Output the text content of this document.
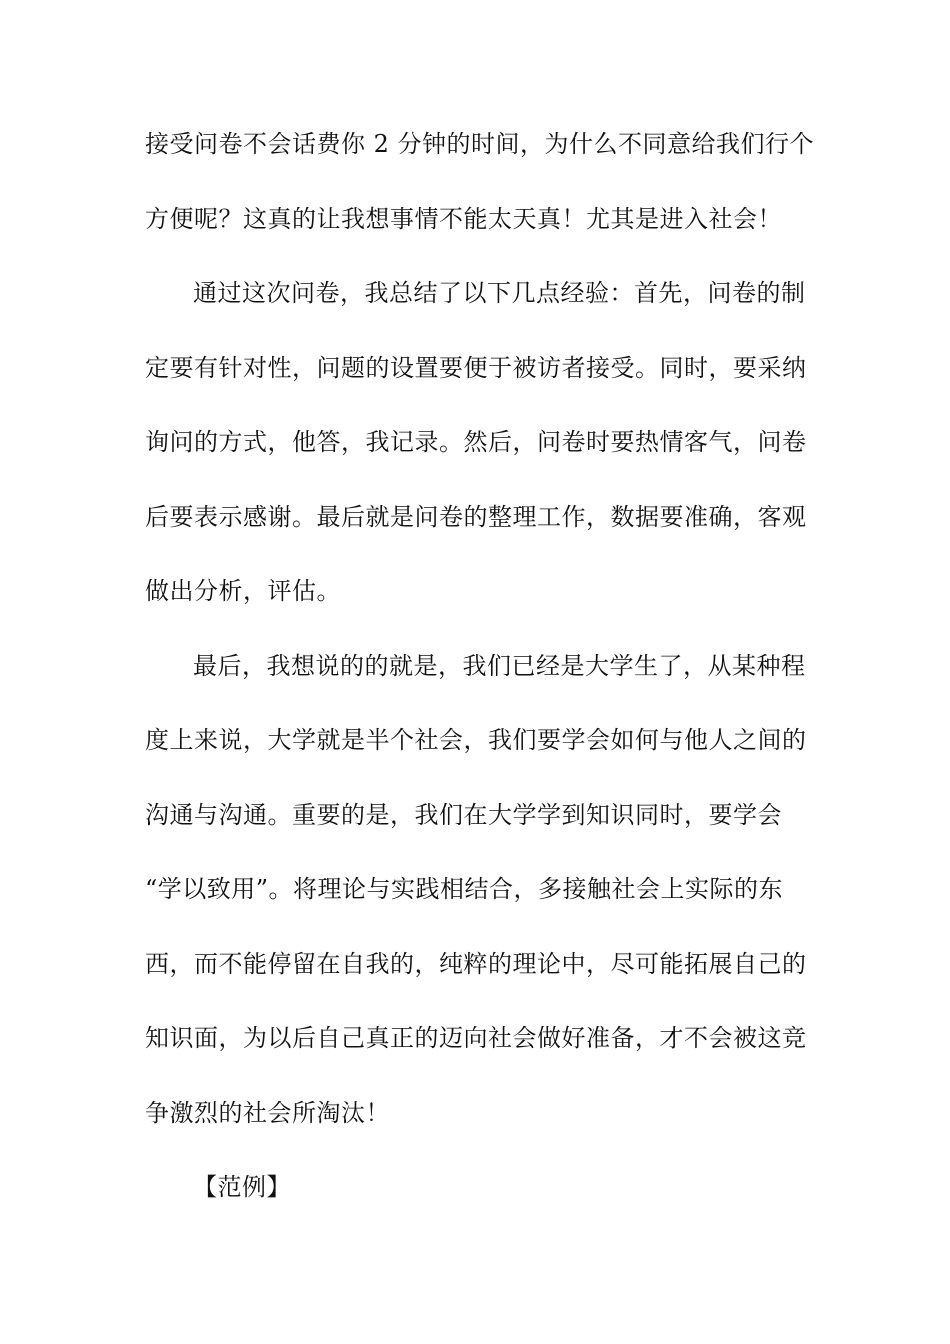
接受问卷不会话费你 2 分钟的时间，为什么不同意给我们行个
方便呢？这真的让我想事情不能太天真！尤其是进入社会！
通过这次问卷，我总结了以下几点经验：首先，问卷的制
定要有针对性，问题的设置要便于被访者接受。同时，要采纳
询问的方式，他答，我记录。然后，问卷时要热情客气，问卷
后要表示感谢。最后就是问卷的整理工作，数据要准确，客观
做出分析，评估。
最后，我想说的的就是，我们已经是大学生了，从某种程
度上来说，大学就是半个社会，我们要学会如何与他人之间的
沟通与沟通。重要的是，我们在大学学到知识同时，要学会
“学以致用”。将理论与实践相结合，多接触社会上实际的东
西，而不能停留在自我的，纯粹的理论中，尽可能拓展自己的
知识面，为以后自己真正的迈向社会做好准备，才不会被这竞
争激烈的社会所淘汰！
【范例】
